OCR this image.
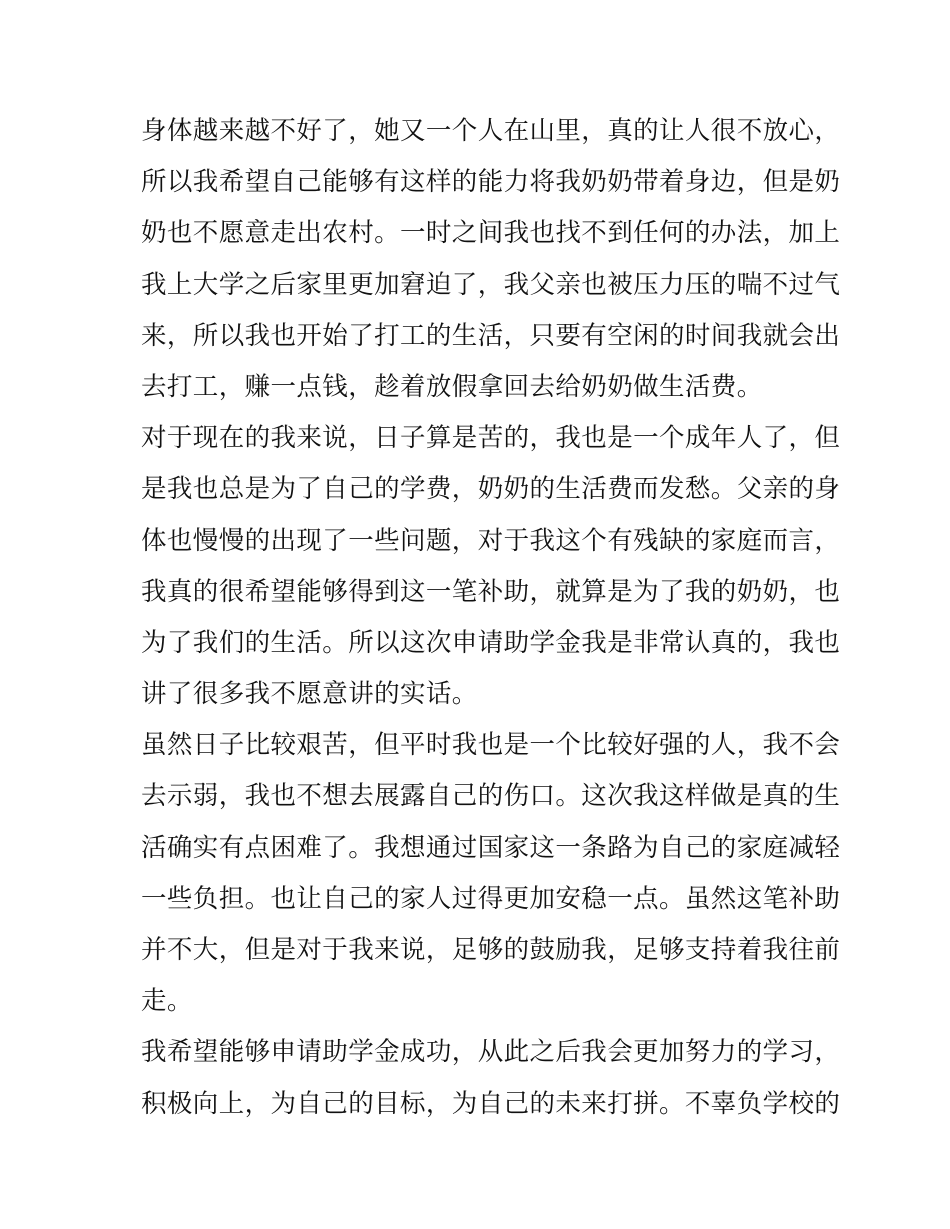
身体越来越不好了，她又一个人在山里，真的让人很不放心，
所以我希望自己能够有这样的能力将我奶奶带着身边，但是奶
奶也不愿意走出农村。一时之间我也找不到任何的办法，加上
我上大学之后家里更加窘迫了，我父亲也被压力压的喘不过气
来，所以我也开始了打工的生活，只要有空闲的时间我就会出
去打工，赚一点钱，趁着放假拿回去给奶奶做生活费。
对于现在的我来说，日子算是苦的，我也是一个成年人了，但
是我也总是为了自己的学费，奶奶的生活费而发愁。父亲的身
体也慢慢的出现了一些问题，对于我这个有残缺的家庭而言，
我真的很希望能够得到这一笔补助，就算是为了我的奶奶，也
为了我们的生活。所以这次申请助学金我是非常认真的，我也
讲了很多我不愿意讲的实话。
虽然日子比较艰苦，但平时我也是一个比较好强的人，我不会
去示弱，我也不想去展露自己的伤口。这次我这样做是真的生
活确实有点困难了。我想通过国家这一条路为自己的家庭减轻
一些负担。也让自己的家人过得更加安稳一点。虽然这笔补助
并不大，但是对于我来说，足够的鼓励我，足够支持着我往前
走。
我希望能够申请助学金成功，从此之后我会更加努力的学习，
积极向上，为自己的目标，为自己的未来打拼。不辜负学校的
